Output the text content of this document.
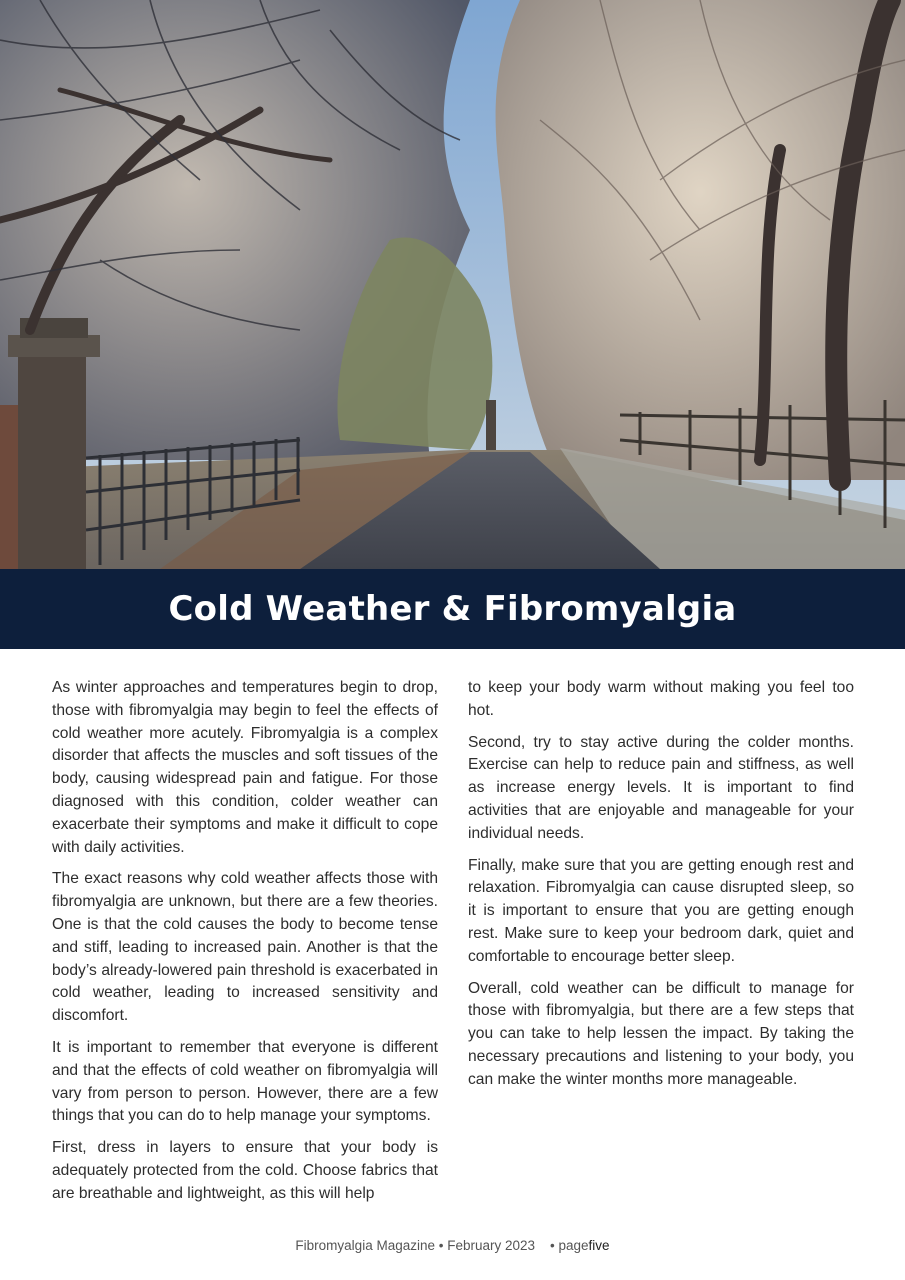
Cold Weather & Fibromyalgia

As winter approaches and temperatures begin to drop, those with fibromyalgia may begin to feel the effects of cold weather more acutely. Fibromyalgia is a complex disorder that affects the muscles and soft tissues of the body, causing widespread pain and fatigue. For those diagnosed with this condition, colder weather can exacerbate their symptoms and make it difficult to cope with daily activities.

The exact reasons why cold weather affects those with fibromyalgia are unknown, but there are a few theories. One is that the cold causes the body to become tense and stiff, leading to increased pain. Another is that the body’s already-lowered pain threshold is exacerbated in cold weather, leading to increased sensitivity and discomfort.

It is important to remember that everyone is different and that the effects of cold weather on fibromyalgia will vary from person to person. However, there are a few things that you can do to help manage your symptoms.

First, dress in layers to ensure that your body is adequately protected from the cold. Choose fabrics that are breathable and lightweight, as this will help

to keep your body warm without making you feel too hot.

Second, try to stay active during the colder months. Exercise can help to reduce pain and stiffness, as well as increase energy levels. It is important to find activities that are enjoyable and manageable for your individual needs.

Finally, make sure that you are getting enough rest and relaxation. Fibromyalgia can cause disrupted sleep, so it is important to ensure that you are getting enough rest. Make sure to keep your bedroom dark, quiet and comfortable to encourage better sleep.

Overall, cold weather can be difficult to manage for those with fibromyalgia, but there are a few steps that you can take to help lessen the impact. By taking the necessary precautions and listening to your body, you can make the winter months more manageable.

Fibromyalgia Magazine • February 2023 • pagefive
